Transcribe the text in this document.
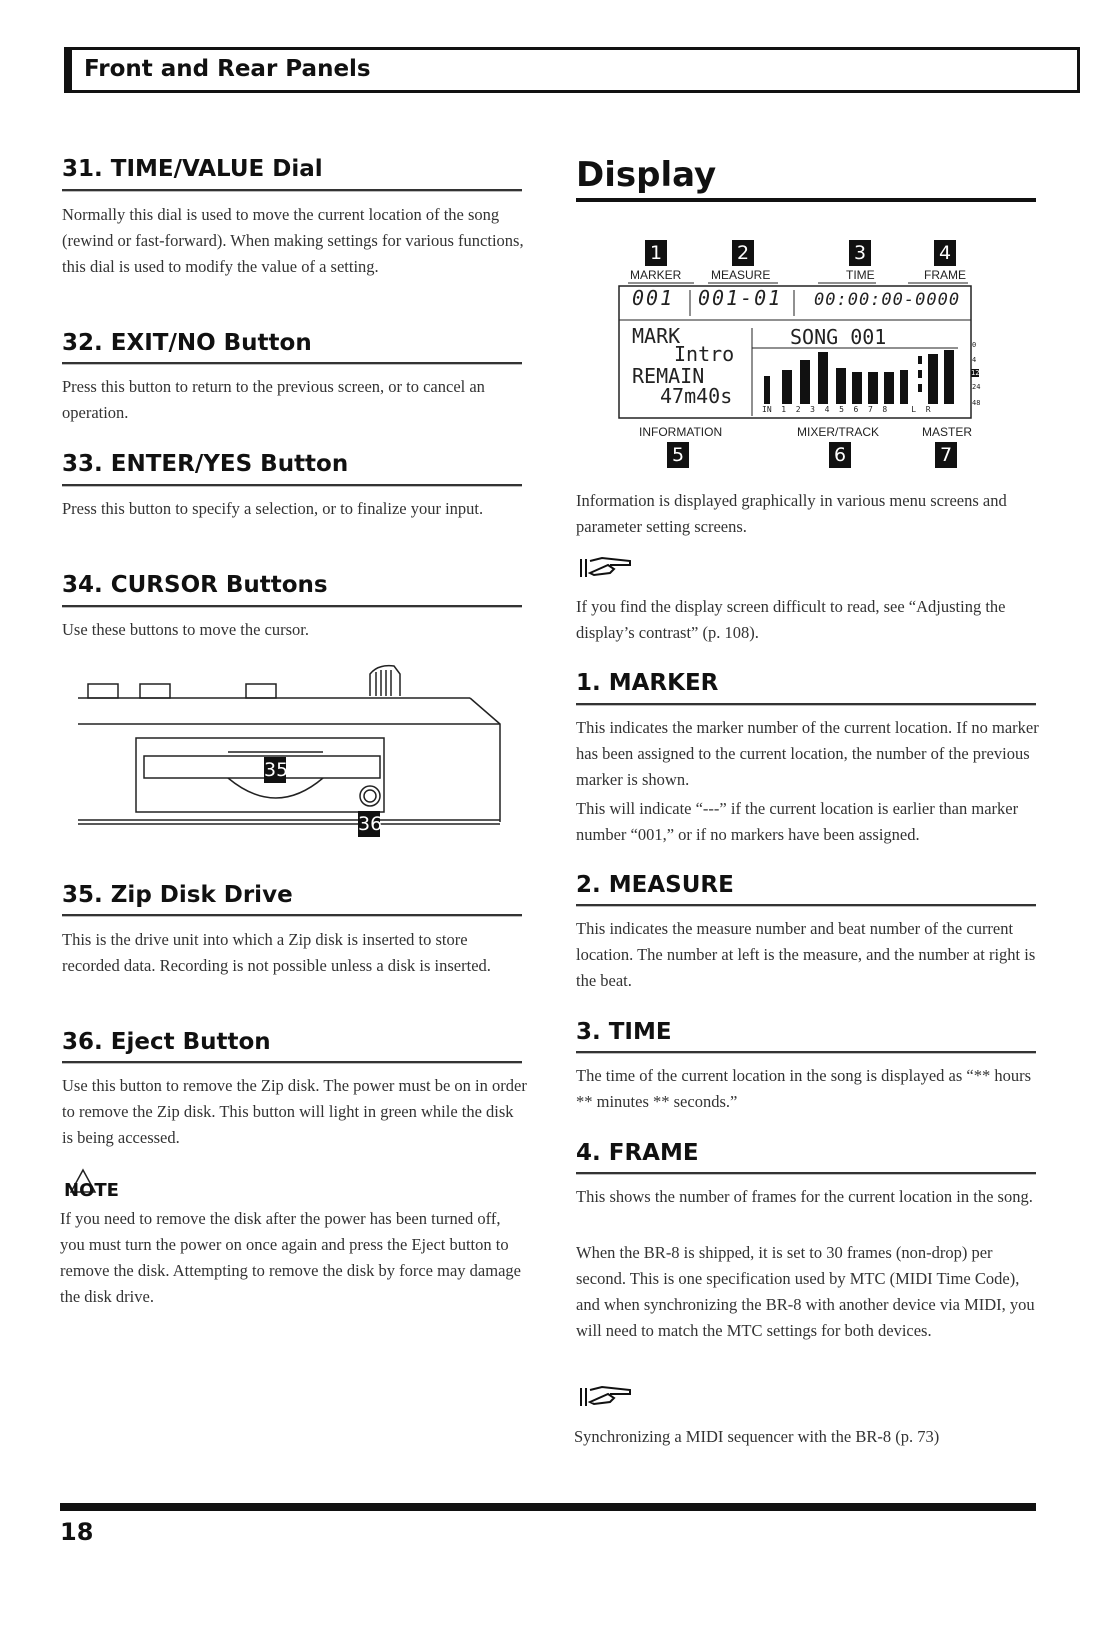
Front and Rear Panels
31. TIME/VALUE Dial

Normally this dial is used to move the current location of the song (rewind or fast-forward). When making settings for various functions, this dial is used to modify the value of a setting.

32. EXIT/NO Button

Press this button to return to the previous screen, or to cancel an operation.

33. ENTER/YES Button

Press this button to specify a selection, or to finalize your input.

34. CURSOR Buttons

Use these buttons to move the cursor.

35
36
35. Zip Disk Drive

This is the drive unit into which a Zip disk is inserted to store recorded data. Recording is not possible unless a disk is inserted.

36. Eject Button

Use this button to remove the Zip disk. The power must be on in order to remove the Zip disk. This button will light in green while the disk is being accessed.

NOTE

If you need to remove the disk after the power has been turned off, you must turn the power on once again and press the Eject button to remove the disk. Attempting to remove the disk by force may damage the disk drive.

Display
1	2	3	4
MARKER MEASURE	TIME	FRAME
001 001-01 00:00:00-0000
MARK
Intro
REMAIN
47m40s
SONG 001
IN  1  2  3  4  5  6  7  8     L  R
0
4
12
24
48
INFORMATION	MIXER/TRACK	MASTER
5	6	7

Information is displayed graphically in various menu screens and parameter setting screens.

If you find the display screen difficult to read, see “Adjusting the display’s contrast” (p. 108).

1. MARKER

This indicates the marker number of the current location. If no marker has been assigned to the current location, the number of the previous marker is shown.

This will indicate “---” if the current location is earlier than marker number “001,” or if no markers have been assigned.

2. MEASURE

This indicates the measure number and beat number of the current location. The number at left is the measure, and the number at right is the beat.

3. TIME

The time of the current location in the song is displayed as “** hours ** minutes ** seconds.”

4. FRAME

This shows the number of frames for the current location in the song.

When the BR-8 is shipped, it is set to 30 frames (non-drop) per second. This is one specification used by MTC (MIDI Time Code), and when synchronizing the BR-8 with another device via MIDI, you will need to match the MTC settings for both devices.

Synchronizing a MIDI sequencer with the BR-8 (p. 73)

18
